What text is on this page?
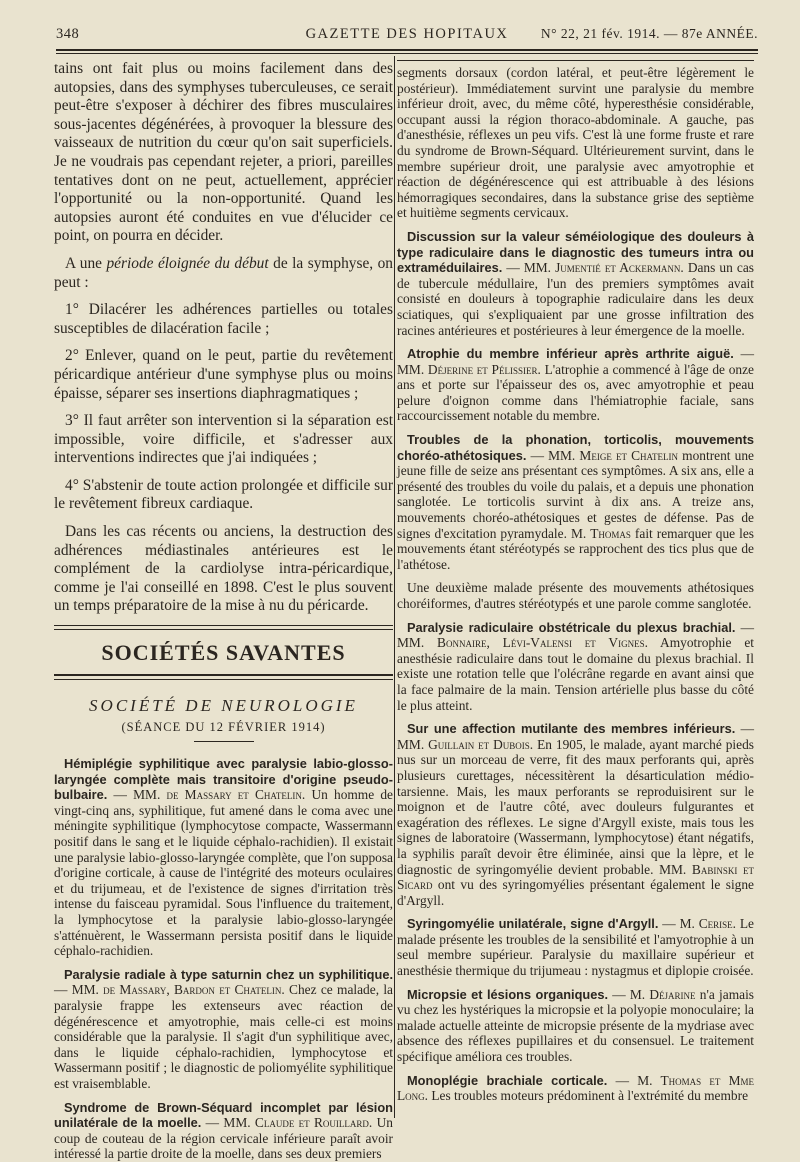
348	GAZETTE DES HOPITAUX	N° 22, 21 fév. 1914. — 87e ANNÉE.

tains ont fait plus ou moins facilement dans des autopsies, dans des symphyses tuberculeuses, ce serait peut-être s'exposer à déchirer des fibres musculaires sous-jacentes dégénérées, à provoquer la blessure des vaisseaux de nutrition du cœur qu'on sait superficiels. Je ne voudrais pas cependant rejeter, a priori, pareilles tentatives dont on ne peut, actuellement, apprécier l'opportunité ou la non-opportunité. Quand les autopsies auront été conduites en vue d'élucider ce point, on pourra en décider.

A une période éloignée du début de la symphyse, on peut :

1° Dilacérer les adhérences partielles ou totales susceptibles de dilacération facile ;

2° Enlever, quand on le peut, partie du revêtement péricardique antérieur d'une symphyse plus ou moins épaisse, séparer ses insertions diaphragmatiques ;

3° Il faut arrêter son intervention si la séparation est impossible, voire difficile, et s'adresser aux interventions indirectes que j'ai indiquées ;

4° S'abstenir de toute action prolongée et difficile sur le revêtement fibreux cardiaque.

Dans les cas récents ou anciens, la destruction des adhérences médiastinales antérieures est le complément de la cardiolyse intra-péricardique, comme je l'ai conseillé en 1898. C'est le plus souvent un temps préparatoire de la mise à nu du péricarde.

SOCIÉTÉS SAVANTES
SOCIÉTÉ DE NEUROLOGIE
(SÉANCE DU 12 FÉVRIER 1914)

Hémiplégie syphilitique avec paralysie labio-glosso-laryngée complète mais transitoire d'origine pseudo-bulbaire. — MM. de Massary et Chatelin. Un homme de vingt-cinq ans, syphilitique, fut amené dans le coma avec une méningite syphilitique (lymphocytose compacte, Wassermann positif dans le sang et le liquide céphalo-rachidien). Il existait une paralysie labio-glosso-laryngée complète, que l'on supposa d'origine corticale, à cause de l'intégrité des moteurs oculaires et du trijumeau, et de l'existence de signes d'irritation très intense du faisceau pyramidal. Sous l'influence du traitement, la lymphocytose et la paralysie labio-glosso-laryngée s'atténuèrent, le Wassermann persista positif dans le liquide céphalo-rachidien.

Paralysie radiale à type saturnin chez un syphilitique. — MM. de Massary, Bardon et Chatelin. Chez ce malade, la paralysie frappe les extenseurs avec réaction de dégénérescence et amyotrophie, mais celle-ci est moins considérable que la paralysie. Il s'agit d'un syphilitique avec, dans le liquide céphalo-rachidien, lymphocytose et Wassermann positif ; le diagnostic de poliomyélite syphilitique est vraisemblable.

Syndrome de Brown-Séquard incomplet par lésion unilatérale de la moelle. — MM. Claude et Rouillard. Un coup de couteau de la région cervicale inférieure paraît avoir intéressé la partie droite de la moelle, dans ses deux premiers

segments dorsaux (cordon latéral, et peut-être légèrement le postérieur). Immédiatement survint une paralysie du membre inférieur droit, avec, du même côté, hyperesthésie considérable, occupant aussi la région thoraco-abdominale. A gauche, pas d'anesthésie, réflexes un peu vifs. C'est là une forme fruste et rare du syndrome de Brown-Séquard. Ultérieurement survint, dans le membre supérieur droit, une paralysie avec amyotrophie et réaction de dégénérescence qui est attribuable à des lésions hémorragiques secondaires, dans la substance grise des septième et huitième segments cervicaux.

Discussion sur la valeur séméiologique des douleurs à type radiculaire dans le diagnostic des tumeurs intra ou extraméduilaires. — MM. Jumentié et Ackermann. Dans un cas de tubercule médullaire, l'un des premiers symptômes avait consisté en douleurs à topographie radiculaire dans les deux sciatiques, qui s'expliquaient par une grosse infiltration des racines antérieures et postérieures à leur émergence de la moelle.

Atrophie du membre inférieur après arthrite aiguë. — MM. Déjerine et Pélissier. L'atrophie a commencé à l'âge de onze ans et porte sur l'épaisseur des os, avec amyotrophie et peau pelure d'oignon comme dans l'hémiatrophie faciale, sans raccourcissement notable du membre.

Troubles de la phonation, torticolis, mouvements choréo-athétosiques. — MM. Meige et Chatelin montrent une jeune fille de seize ans présentant ces symptômes. A six ans, elle a présenté des troubles du voile du palais, et a depuis une phonation sanglotée. Le torticolis survint à dix ans. A treize ans, mouvements choréo-athétosiques et gestes de défense. Pas de signes d'excitation pyramydale. M. Thomas fait remarquer que les mouvements étant stéréotypés se rapprochent des tics plus que de l'athétose.

Une deuxième malade présente des mouvements athétosiques choréiformes, d'autres stéréotypés et une parole comme sanglotée.

Paralysie radiculaire obstétricale du plexus brachial. — MM. Bonnaire, Lévi-Valensi et Vignes. Amyotrophie et anesthésie radiculaire dans tout le domaine du plexus brachial. Il existe une rotation telle que l'olécrâne regarde en avant ainsi que la face palmaire de la main. Tension artérielle plus basse du côté le plus atteint.

Sur une affection mutilante des membres inférieurs. — MM. Guillain et Dubois. En 1905, le malade, ayant marché pieds nus sur un morceau de verre, fit des maux perforants qui, après plusieurs curettages, nécessitèrent la désarticulation médio-tarsienne. Mais, les maux perforants se reproduisirent sur le moignon et de l'autre côté, avec douleurs fulgurantes et exagération des réflexes. Le signe d'Argyll existe, mais tous les signes de laboratoire (Wassermann, lymphocytose) étant négatifs, la syphilis paraît devoir être éliminée, ainsi que la lèpre, et le diagnostic de syringomyélie devient probable. MM. Babinski et Sicard ont vu des syringomyélies présentant également le signe d'Argyll.

Syringomyélie unilatérale, signe d'Argyll. — M. Cerise. Le malade présente les troubles de la sensibilité et l'amyotrophie à un seul membre supérieur. Paralysie du maxillaire supérieur et anesthésie thermique du trijumeau : nystagmus et diplopie croisée.

Micropsie et lésions organiques. — M. Déjarine n'a jamais vu chez les hystériques la micropsie et la polyopie monoculaire; la malade actuelle atteinte de micropsie présente de la mydriase avec absence des réflexes pupillaires et du consensuel. Le traitement spécifique améliora ces troubles.

Monoplégie brachiale corticale. — M. Thomas et Mme Long. Les troubles moteurs prédominent à l'extrémité du membre
